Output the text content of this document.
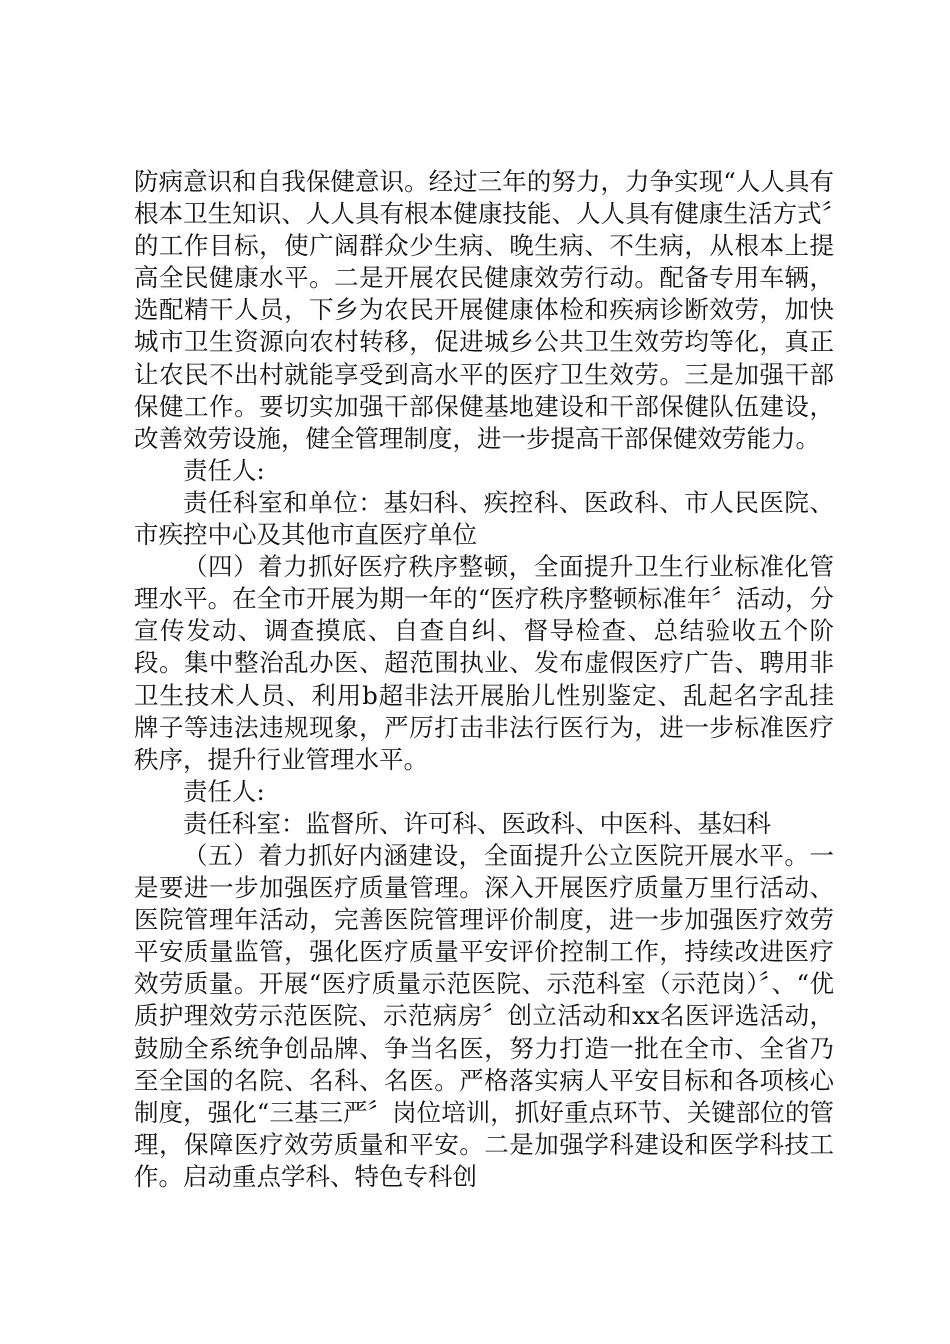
防病意识和自我保健意识。经过三年的努力，力争实现“人人具有根本卫生知识、人人具有根本健康技能、人人具有健康生活方式〞的工作目标，使广阔群众少生病、晚生病、不生病，从根本上提高全民健康水平。二是开展农民健康效劳行动。配备专用车辆，选配精干人员，下乡为农民开展健康体检和疾病诊断效劳，加快城市卫生资源向农村转移，促进城乡公共卫生效劳均等化，真正让农民不出村就能享受到高水平的医疗卫生效劳。三是加强干部保健工作。要切实加强干部保健基地建设和干部保健队伍建设，改善效劳设施，健全管理制度，进一步提高干部保健效劳能力。

责任人:

责任科室和单位：基妇科、疾控科、医政科、市人民医院、市疾控中心及其他市直医疗单位

（四）着力抓好医疗秩序整顿，全面提升卫生行业标准化管理水平。在全市开展为期一年的“医疗秩序整顿标准年〞活动，分宣传发动、调查摸底、自查自纠、督导检查、总结验收五个阶段。集中整治乱办医、超范围执业、发布虚假医疗广告、聘用非卫生技术人员、利用b超非法开展胎儿性别鉴定、乱起名字乱挂牌子等违法违规现象，严厉打击非法行医行为，进一步标准医疗秩序，提升行业管理水平。

责任人:

责任科室：监督所、许可科、医政科、中医科、基妇科

（五）着力抓好内涵建设，全面提升公立医院开展水平。一是要进一步加强医疗质量管理。深入开展医疗质量万里行活动、医院管理年活动，完善医院管理评价制度，进一步加强医疗效劳平安质量监管，强化医疗质量平安评价控制工作，持续改进医疗效劳质量。开展“医疗质量示范医院、示范科室（示范岗）〞、“优质护理效劳示范医院、示范病房〞创立活动和xx名医评选活动，鼓励全系统争创品牌、争当名医，努力打造一批在全市、全省乃至全国的名院、名科、名医。严格落实病人平安目标和各项核心制度，强化“三基三严〞岗位培训，抓好重点环节、关键部位的管理，保障医疗效劳质量和平安。二是加强学科建设和医学科技工作。启动重点学科、特色专科创
